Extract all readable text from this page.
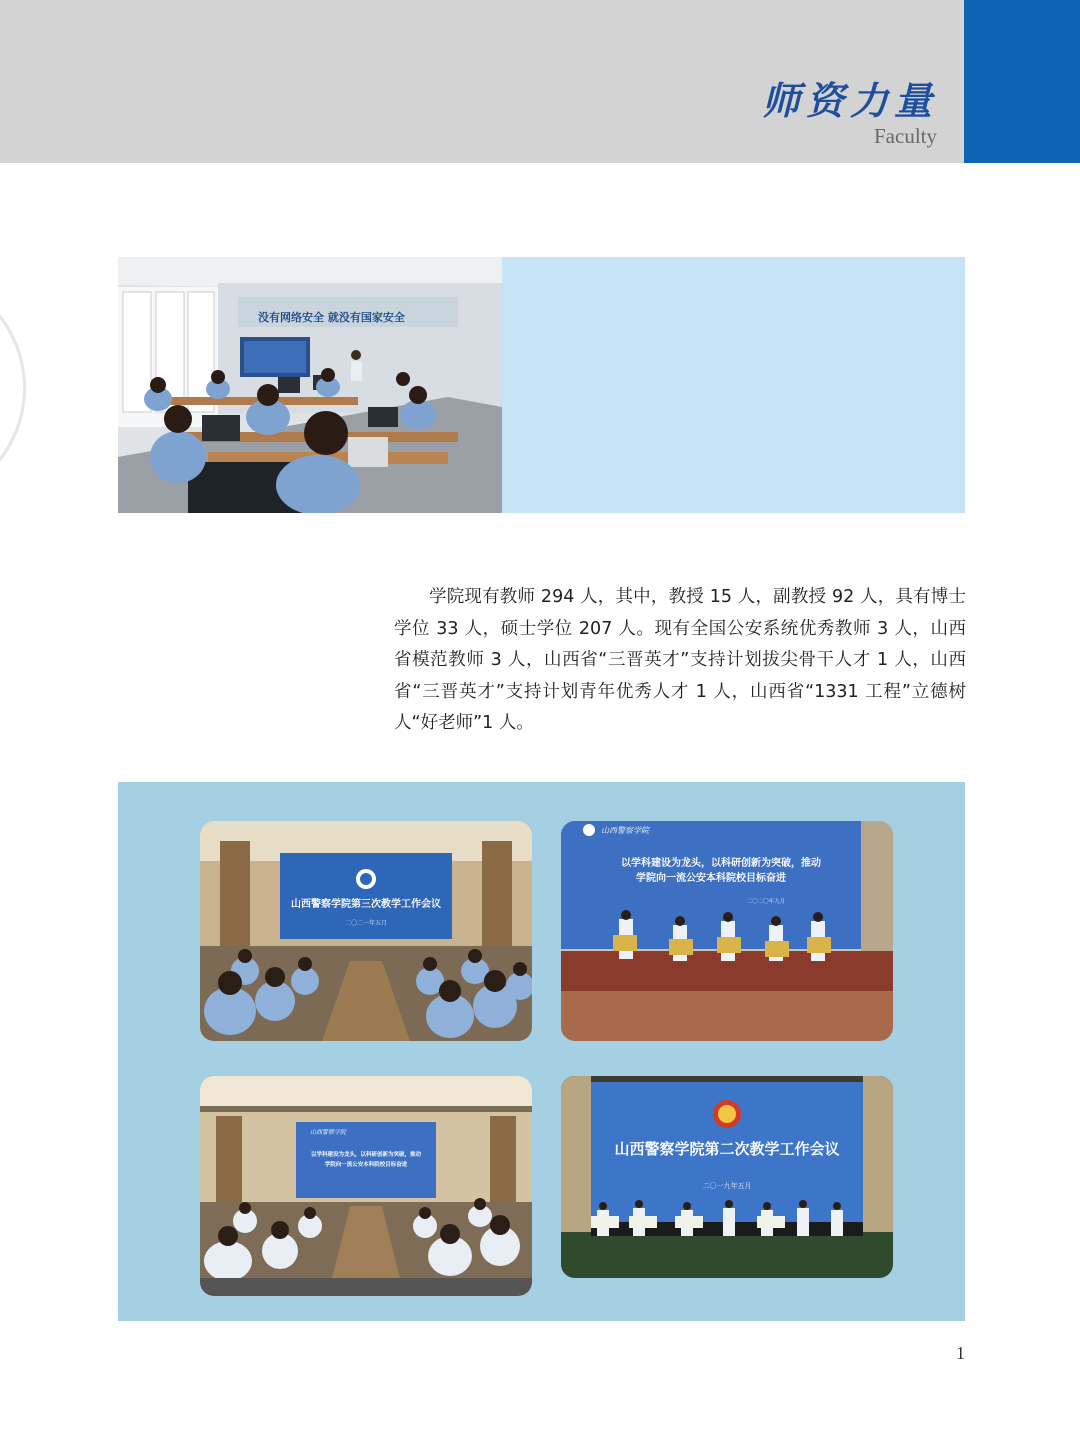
师资力量
Faculty
没有网络安全 就没有国家安全

学院现有教师 294 人，其中，教授 15 人，副教授 92 人，具有博士学位 33 人，硕士学位 207 人。现有全国公安系统优秀教师 3 人，山西省模范教师 3 人，山西省“三晋英才”支持计划拔尖骨干人才 1 人，山西省“三晋英才”支持计划青年优秀人才 1 人，山西省“1331 工程”立德树人“好老师”1 人。

山西警察学院第三次教学工作会议
二〇二一年五月
山西警察学院
以学科建设为龙头，以科研创新为突破，推动
学院向一流公安本科院校目标奋进
二〇二〇年九月
山西警察学院
以学科建设为龙头，以科研创新为突破，推动
学院向一流公安本科院校目标奋进
山西警察学院第二次教学工作会议
二〇一九年五月
1
